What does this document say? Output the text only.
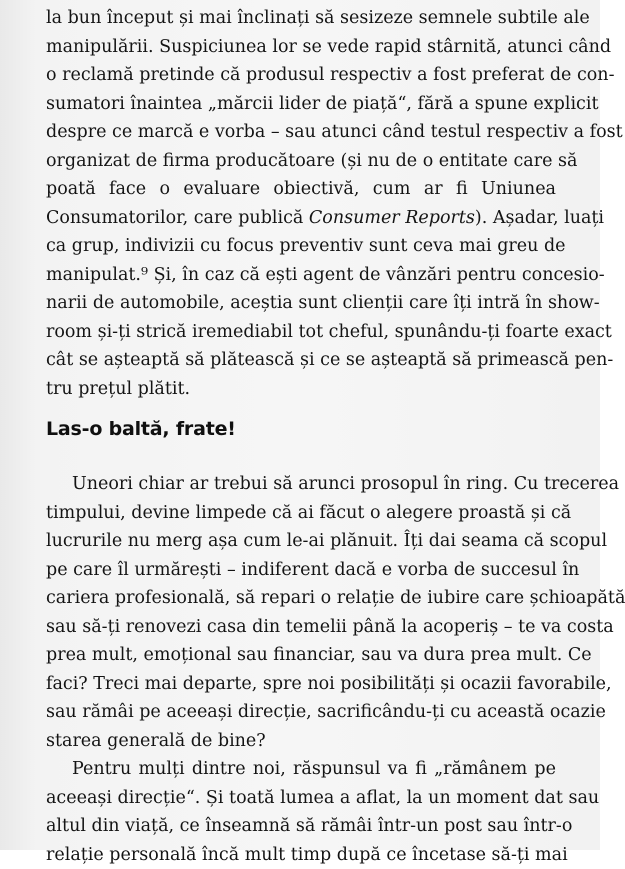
la bun început și mai înclinați să sesizeze semnele subtile ale
manipulării. Suspiciunea lor se vede rapid stârnită, atunci când
o reclamă pretinde că produsul respectiv a fost preferat de con-
sumatori înaintea „mărcii lider de piață“, fără a spune explicit
despre ce marcă e vorba – sau atunci când testul respectiv a fost
organizat de firma producătoare (și nu de o entitate care să
poată face o evaluare obiectivă, cum ar fi Uniunea
Consumatorilor, care publică Consumer Reports). Așadar, luați
ca grup, indivizii cu focus preventiv sunt ceva mai greu de
manipulat.⁹ Și, în caz că ești agent de vânzări pentru concesio-
narii de automobile, aceștia sunt clienții care îți intră în show-
room și-ți strică iremediabil tot cheful, spunându-ți foarte exact
cât se așteaptă să plătească și ce se așteaptă să primească pen-
tru prețul plătit.

Las-o baltă, frate!

Uneori chiar ar trebui să arunci prosopul în ring. Cu trecerea
timpului, devine limpede că ai făcut o alegere proastă și că
lucrurile nu merg așa cum le-ai plănuit. Îți dai seama că scopul
pe care îl urmărești – indiferent dacă e vorba de succesul în
cariera profesională, să repari o relație de iubire care șchioapătă
sau să-ți renovezi casa din temelii până la acoperiș – te va costa
prea mult, emoțional sau financiar, sau va dura prea mult. Ce
faci? Treci mai departe, spre noi posibilități și ocazii favorabile,
sau rămâi pe aceeași direcție, sacrificându-ți cu această ocazie
starea generală de bine?

Pentru mulți dintre noi, răspunsul va fi „rămânem pe
aceeași direcție“. Și toată lumea a aflat, la un moment dat sau
altul din viață, ce înseamnă să rămâi într-un post sau într-o
relație personală încă mult timp după ce încetase să-ți mai
